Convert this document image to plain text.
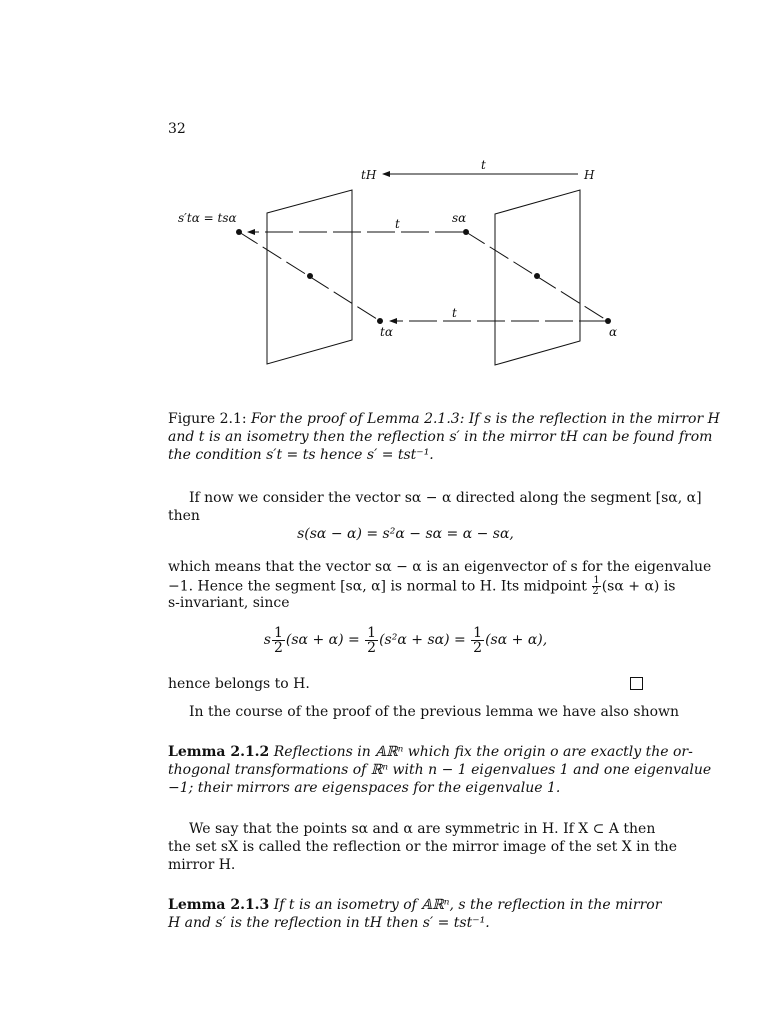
32
tH	H
t
s′tα = tsα	t	sα
t
tα	α
Figure 2.1: For the proof of Lemma 2.1.3: If s is the reflection in the mirror H
and t is an isometry then the reflection s′ in the mirror tH can be found from
the condition s′t = ts hence s′ = tst⁻¹.
If now we consider the vector sα − α directed along the segment [sα, α]
then
s(sα − α) = s²α − sα = α − sα,
which means that the vector sα − α is an eigenvector of s for the eigenvalue
−1. Hence the segment [sα, α] is normal to H. Its midpoint $\frac{1}{2} (s\alpha + \alpha)$ is
s-invariant, since
s $\frac{1}{2} (s\alpha + \alpha) = \frac{1}{2} (s^2\alpha + s\alpha) = \frac{1}{2} (s\alpha + \alpha)$,
hence belongs to H.
In the course of the proof of the previous lemma we have also shown
Lemma 2.1.2 Reflections in 𝔸ℝⁿ which fix the origin o are exactly the or-
thogonal transformations of ℝⁿ with n − 1 eigenvalues 1 and one eigenvalue
−1; their mirrors are eigenspaces for the eigenvalue 1.
We say that the points sα and α are symmetric in H. If X ⊂ A then
the set sX is called the reflection or the mirror image of the set X in the
mirror H.
Lemma 2.1.3 If t is an isometry of 𝔸ℝⁿ, s the reflection in the mirror
H and s′ is the reflection in tH then s′ = tst⁻¹.
